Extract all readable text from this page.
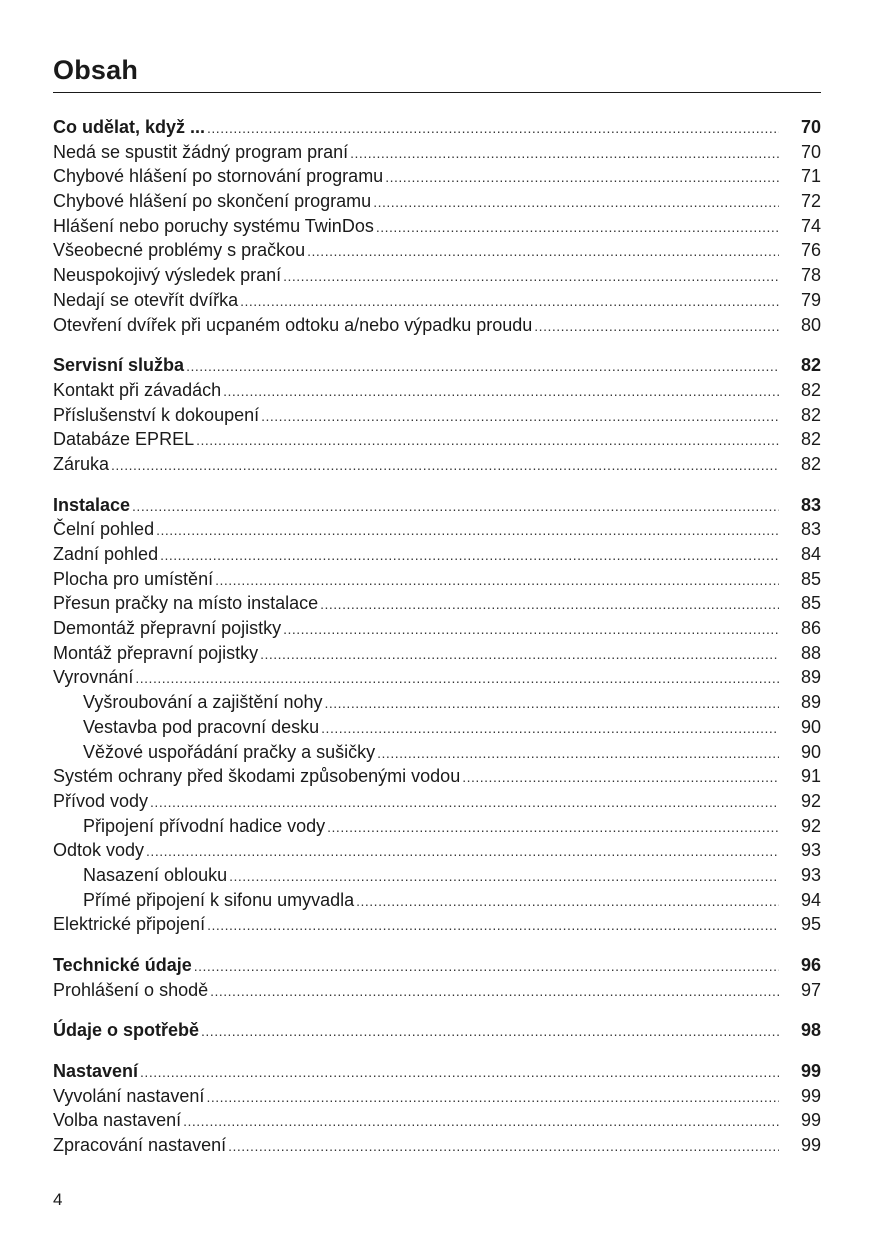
Obsah
Co udělat, když ... .....	70
Nedá se spustit žádný program praní .....	70
Chybové hlášení po stornování programu .....	71
Chybové hlášení po skončení programu .....	72
Hlášení nebo poruchy systému TwinDos .....	74
Všeobecné problémy s pračkou .....	76
Neuspokojivý výsledek praní .....	78
Nedají se otevřít dvířka .....	79
Otevření dvířek při ucpaném odtoku a/nebo výpadku proudu .....	80
Servisní služba .....	82
Kontakt při závadách .....	82
Příslušenství k dokoupení .....	82
Databáze EPREL .....	82
Záruka .....	82
Instalace .....	83
Čelní pohled .....	83
Zadní pohled .....	84
Plocha pro umístění .....	85
Přesun pračky na místo instalace .....	85
Demontáž přepravní pojistky .....	86
Montáž přepravní pojistky .....	88
Vyrovnání .....	89
Vyšroubování a zajištění nohy .....	89
Vestavba pod pracovní desku .....	90
Věžové uspořádání pračky a sušičky .....	90
Systém ochrany před škodami způsobenými vodou .....	91
Přívod vody .....	92
Připojení přívodní hadice vody .....	92
Odtok vody .....	93
Nasazení oblouku .....	93
Přímé připojení k sifonu umyvadla .....	94
Elektrické připojení .....	95
Technické údaje .....	96
Prohlášení o shodě .....	97
Údaje o spotřebě .....	98
Nastavení .....	99
Vyvolání nastavení .....	99
Volba nastavení .....	99
Zpracování nastavení .....	99
4
